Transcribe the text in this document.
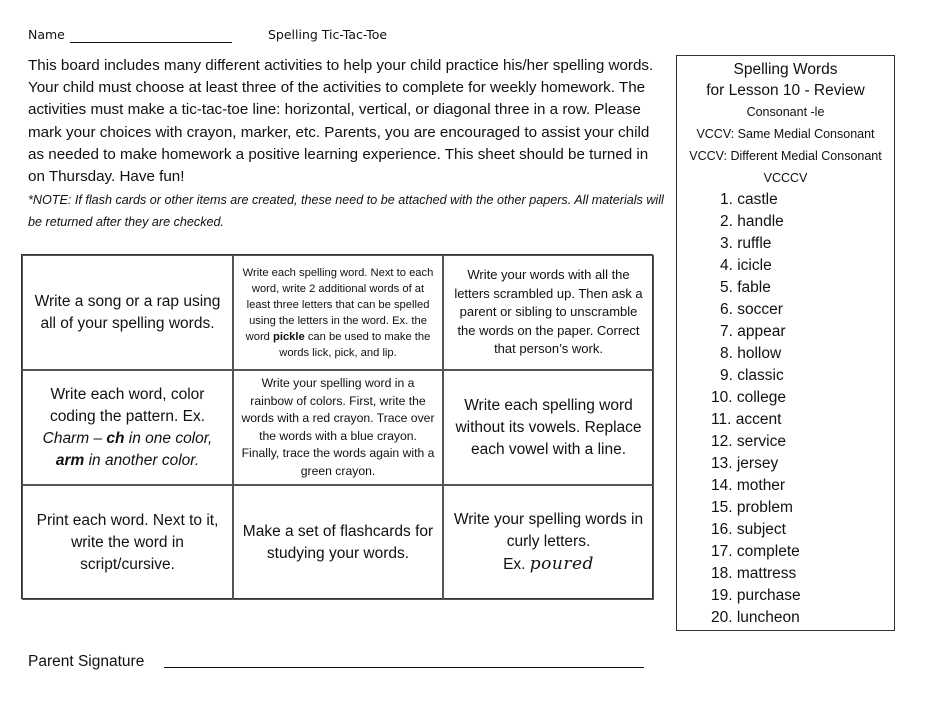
Name	Spelling Tic-Tac-Toe

This board includes many different activities to help your child practice his/her spelling words. Your child must choose at least three of the activities to complete for weekly homework. The activities must make a tic-tac-toe line: horizontal, vertical, or diagonal three in a row. Please mark your choices with crayon, marker, etc. Parents, you are encouraged to assist your child as needed to make homework a positive learning experience. This sheet should be turned in on Thursday. Have fun!

*NOTE: If flash cards or other items are created, these need to be attached with the other papers. All materials will be returned after they are checked.

Write a song or a rap using all of your spelling words.
Write each spelling word. Next to each word, write 2 additional words of at least three letters that can be spelled using the letters in the word. Ex. the word pickle can be used to make the words lick, pick, and lip.
Write your words with all the letters scrambled up. Then ask a parent or sibling to unscramble the words on the paper. Correct that person’s work.
Write each word, color coding the pattern. Ex.
Charm – ch in one color,
arm in another color.
Write your spelling word in a rainbow of colors. First, write the words with a red crayon. Trace over the words with a blue crayon. Finally, trace the words again with a green crayon.
Write each spelling word without its vowels. Replace each vowel with a line.
Print each word. Next to it, write the word in script/cursive.
Make a set of flashcards for studying your words.
Write your spelling words in curly letters.
Ex. poured
Spelling Words
for Lesson 10 - Review
Consonant -le
VCCV: Same Medial Consonant
VCCV: Different Medial Consonant
VCCCV
1. castle
2. handle
3. ruffle
4. icicle
5. fable
6. soccer
7. appear
8. hollow
9. classic
10. college
11. accent
12. service
13. jersey
14. mother
15. problem
16. subject
17. complete
18. mattress
19. purchase
20. luncheon
Parent Signature
